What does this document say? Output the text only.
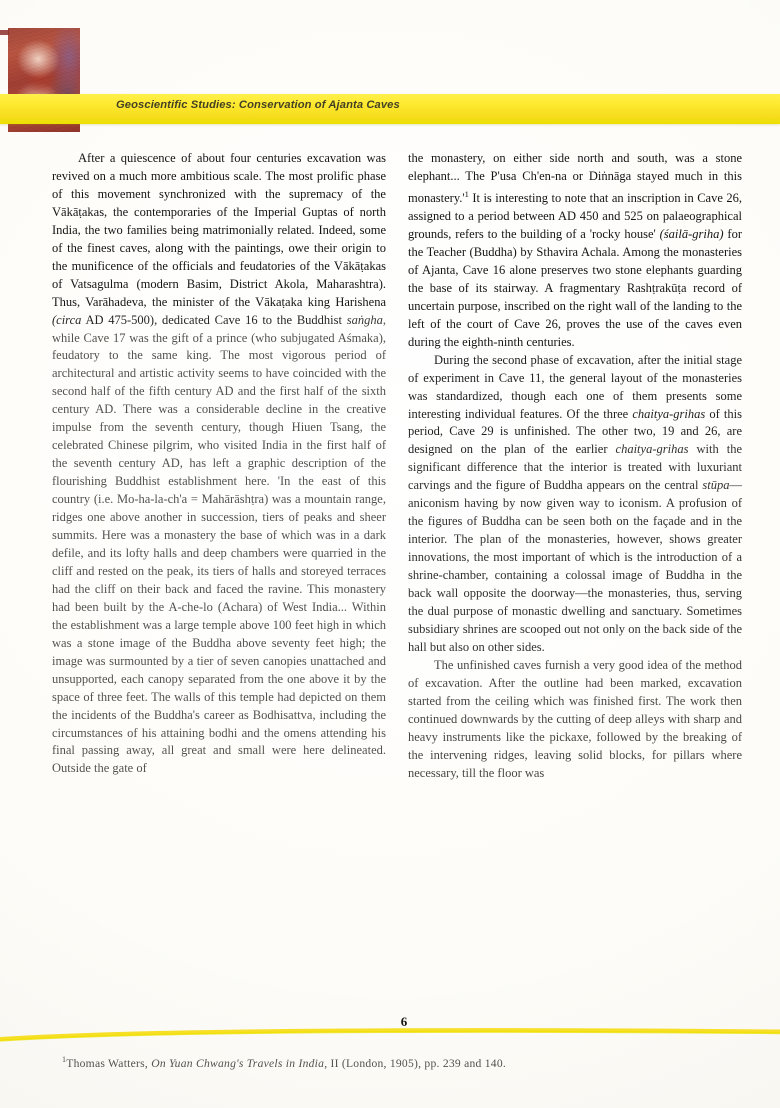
Geoscientific Studies: Conservation of Ajanta Caves

After a quiescence of about four centuries excavation was revived on a much more ambitious scale. The most prolific phase of this movement synchronized with the supremacy of the Vākāṭakas, the contemporaries of the Imperial Guptas of north India, the two families being matrimonially related. Indeed, some of the finest caves, along with the paintings, owe their origin to the munificence of the officials and feudatories of the Vākāṭakas of Vatsagulma (modern Basim, District Akola, Maharashtra). Thus, Varāhadeva, the minister of the Vākaṭaka king Harishena (circa AD 475-500), dedicated Cave 16 to the Buddhist saṅgha, while Cave 17 was the gift of a prince (who subjugated Aśmaka), feudatory to the same king. The most vigorous period of architectural and artistic activity seems to have coincided with the second half of the fifth century AD and the first half of the sixth century AD. There was a considerable decline in the creative impulse from the seventh century, though Hiuen Tsang, the celebrated Chinese pilgrim, who visited India in the first half of the seventh century AD, has left a graphic description of the flourishing Buddhist establishment here. 'In the east of this country (i.e. Mo-ha-la-ch'a = Mahārāshṭra) was a mountain range, ridges one above another in succession, tiers of peaks and sheer summits. Here was a monastery the base of which was in a dark defile, and its lofty halls and deep chambers were quarried in the cliff and rested on the peak, its tiers of halls and storeyed terraces had the cliff on their back and faced the ravine. This monastery had been built by the A-che-lo (Achara) of West India... Within the establishment was a large temple above 100 feet high in which was a stone image of the Buddha above seventy feet high; the image was surmounted by a tier of seven canopies unattached and unsupported, each canopy separated from the one above it by the space of three feet. The walls of this temple had depicted on them the incidents of the Buddha's career as Bodhisattva, including the circumstances of his attaining bodhi and the omens attending his final passing away, all great and small were here delineated. Outside the gate of

the monastery, on either side north and south, was a stone elephant... The P'usa Ch'en-na or Diṅnāga stayed much in this $monastery.'^1$ It is interesting to note that an inscription in Cave 26, assigned to a period between AD 450 and 525 on palaeographical grounds, refers to the building of a 'rocky house' (śailā-griha) for the Teacher (Buddha) by Sthavira Achala. Among the monasteries of Ajanta, Cave 16 alone preserves two stone elephants guarding the base of its stairway. A fragmentary Rashṭrakūṭa record of uncertain purpose, inscribed on the right wall of the landing to the left of the court of Cave 26, proves the use of the caves even during the eighth-ninth centuries.

During the second phase of excavation, after the initial stage of experiment in Cave 11, the general layout of the monasteries was standardized, though each one of them presents some interesting individual features. Of the three chaitya-grihas of this period, Cave 29 is unfinished. The other two, 19 and 26, are designed on the plan of the earlier chaitya-grihas with the significant difference that the interior is treated with luxuriant carvings and the figure of Buddha appears on the central stūpa—aniconism having by now given way to iconism. A profusion of the figures of Buddha can be seen both on the façade and in the interior. The plan of the monasteries, however, shows greater innovations, the most important of which is the introduction of a shrine-chamber, containing a colossal image of Buddha in the back wall opposite the doorway—the monasteries, thus, serving the dual purpose of monastic dwelling and sanctuary. Sometimes subsidiary shrines are scooped out not only on the back side of the hall but also on other sides.

The unfinished caves furnish a very good idea of the method of excavation. After the outline had been marked, excavation started from the ceiling which was finished first. The work then continued downwards by the cutting of deep alleys with sharp and heavy instruments like the pickaxe, followed by the breaking of the intervening ridges, leaving solid blocks, for pillars where necessary, till the floor was

6
$^1$Thomas Watters, On Yuan Chwang's Travels in India, II (London, 1905), pp. 239 and 140.
